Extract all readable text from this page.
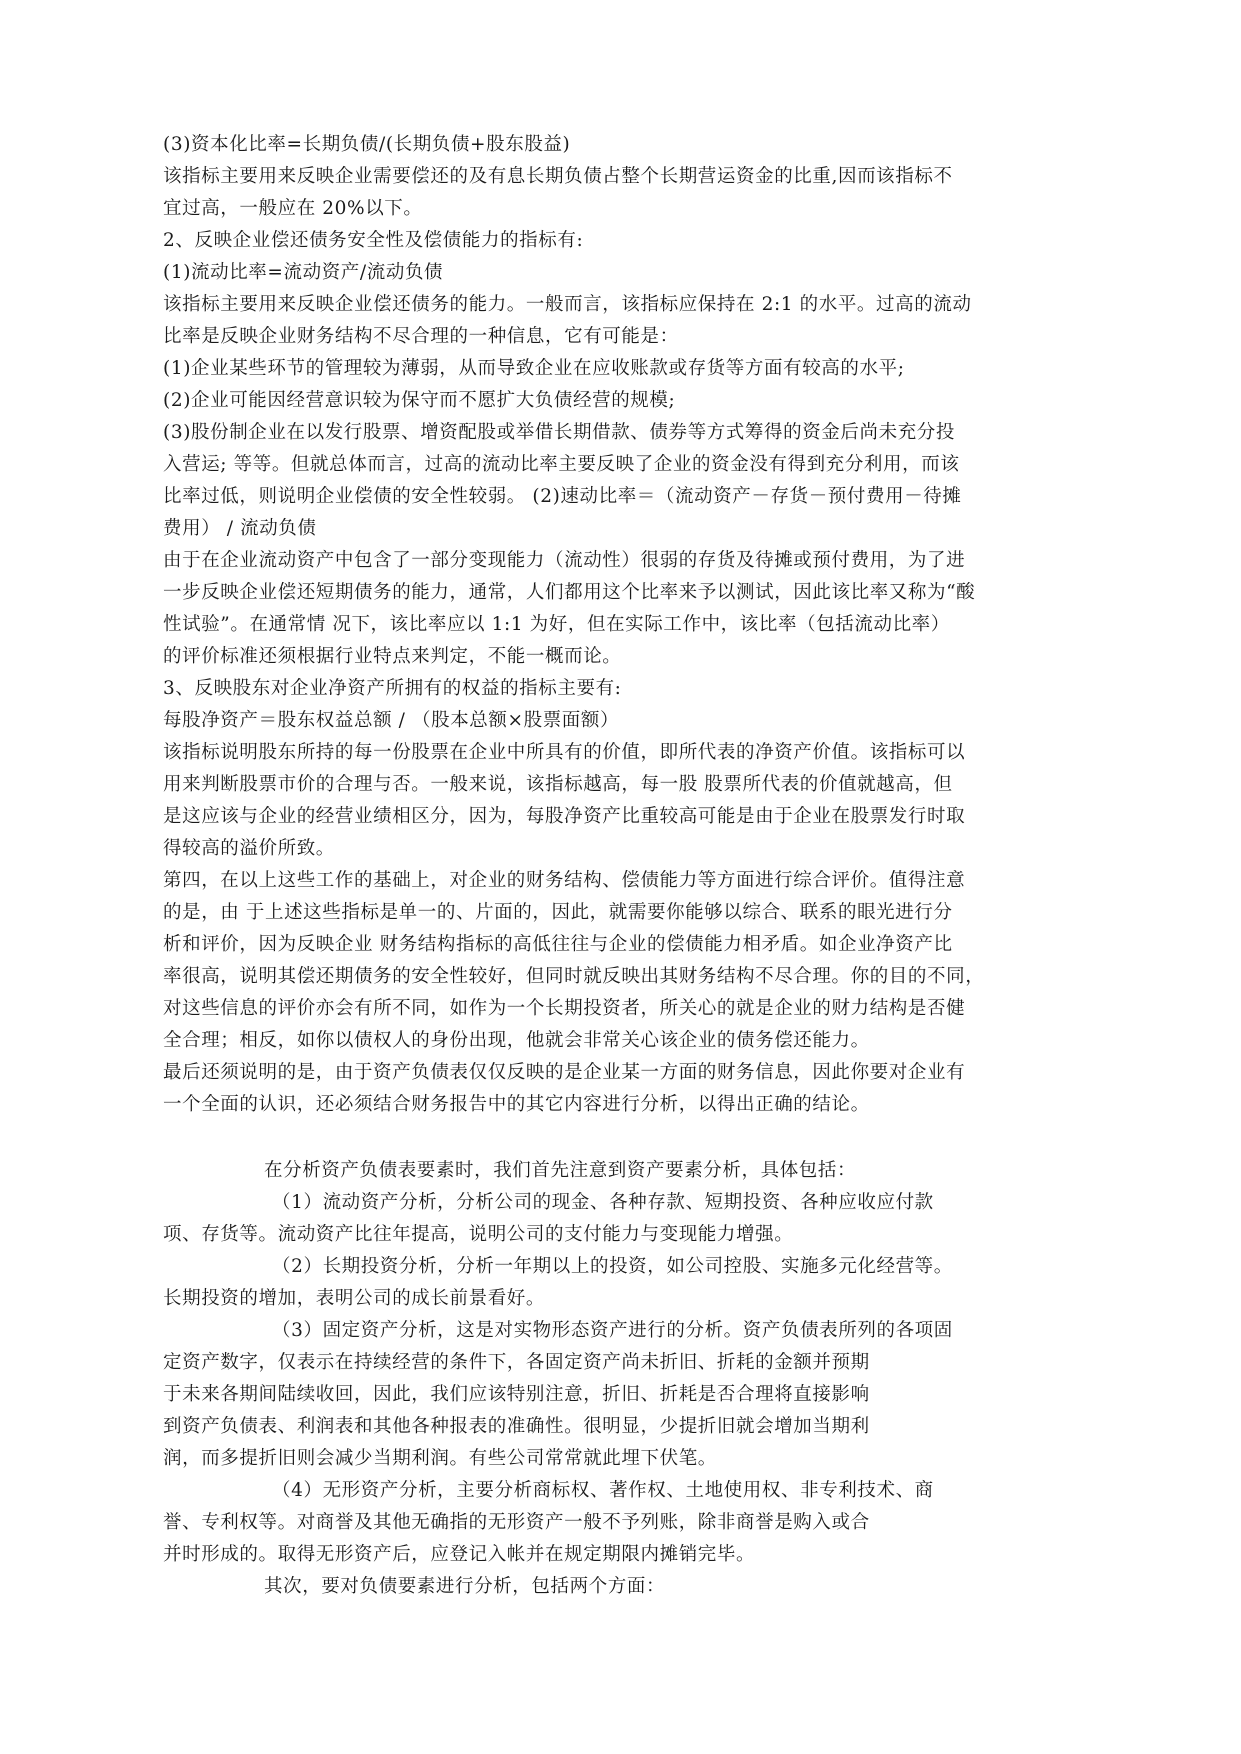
(3)资本化比率=长期负债/(长期负债+股东股益)
该指标主要用来反映企业需要偿还的及有息长期负债占整个长期营运资金的比重,因而该指标不
宜过高，一般应在 20%以下。
2、反映企业偿还债务安全性及偿债能力的指标有:
(1)流动比率=流动资产/流动负债
该指标主要用来反映企业偿还债务的能力。一般而言，该指标应保持在 2:1 的水平。过高的流动
比率是反映企业财务结构不尽合理的一种信息，它有可能是：
(1)企业某些环节的管理较为薄弱，从而导致企业在应收账款或存货等方面有较高的水平;
(2)企业可能因经营意识较为保守而不愿扩大负债经营的规模;
(3)股份制企业在以发行股票、增资配股或举借长期借款、债券等方式筹得的资金后尚未充分投
入营运; 等等。但就总体而言，过高的流动比率主要反映了企业的资金没有得到充分利用，而该
比率过低，则说明企业偿债的安全性较弱。 (2)速动比率＝（流动资产－存货－预付费用－待摊
费用） / 流动负债
由于在企业流动资产中包含了一部分变现能力（流动性）很弱的存货及待摊或预付费用，为了进
一步反映企业偿还短期债务的能力，通常，人们都用这个比率来予以测试，因此该比率又称为“酸
性试验”。在通常情 况下，该比率应以 1:1 为好，但在实际工作中，该比率（包括流动比率）
的评价标准还须根据行业特点来判定，不能一概而论。
3、反映股东对企业净资产所拥有的权益的指标主要有:
每股净资产＝股东权益总额 / （股本总额×股票面额）
该指标说明股东所持的每一份股票在企业中所具有的价值，即所代表的净资产价值。该指标可以
用来判断股票市价的合理与否。一般来说，该指标越高，每一股 股票所代表的价值就越高，但
是这应该与企业的经营业绩相区分，因为，每股净资产比重较高可能是由于企业在股票发行时取
得较高的溢价所致。
第四，在以上这些工作的基础上，对企业的财务结构、偿债能力等方面进行综合评价。值得注意
的是，由 于上述这些指标是单一的、片面的，因此，就需要你能够以综合、联系的眼光进行分
析和评价，因为反映企业 财务结构指标的高低往往与企业的偿债能力相矛盾。如企业净资产比
率很高，说明其偿还期债务的安全性较好，但同时就反映出其财务结构不尽合理。你的目的不同，
对这些信息的评价亦会有所不同，如作为一个长期投资者，所关心的就是企业的财力结构是否健
全合理；相反，如你以债权人的身份出现，他就会非常关心该企业的债务偿还能力。
最后还须说明的是，由于资产负债表仅仅反映的是企业某一方面的财务信息，因此你要对企业有
一个全面的认识，还必须结合财务报告中的其它内容进行分析，以得出正确的结论。
在分析资产负债表要素时，我们首先注意到资产要素分析，具体包括：
（1）流动资产分析，分析公司的现金、各种存款、短期投资、各种应收应付款
项、存货等。流动资产比往年提高，说明公司的支付能力与变现能力增强。
（2）长期投资分析，分析一年期以上的投资，如公司控股、实施多元化经营等。
长期投资的增加，表明公司的成长前景看好。
（3）固定资产分析，这是对实物形态资产进行的分析。资产负债表所列的各项固
定资产数字，仅表示在持续经营的条件下，各固定资产尚未折旧、折耗的金额并预期
于未来各期间陆续收回，因此，我们应该特别注意，折旧、折耗是否合理将直接影响
到资产负债表、利润表和其他各种报表的准确性。很明显，少提折旧就会增加当期利
润，而多提折旧则会减少当期利润。有些公司常常就此埋下伏笔。
（4）无形资产分析，主要分析商标权、著作权、土地使用权、非专利技术、商
誉、专利权等。对商誉及其他无确指的无形资产一般不予列账，除非商誉是购入或合
并时形成的。取得无形资产后，应登记入帐并在规定期限内摊销完毕。
其次，要对负债要素进行分析，包括两个方面：
